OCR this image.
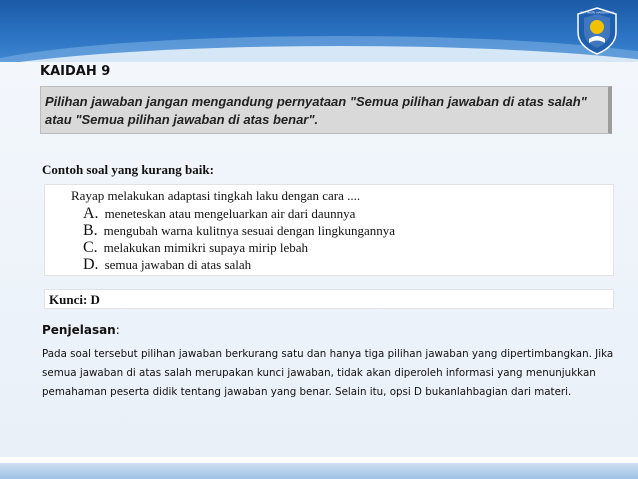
TUT WURI HANDAYANI
KAIDAH 9
Pilihan jawaban jangan mengandung pernyataan "Semua pilihan jawaban di atas salah" atau "Semua pilihan jawaban di atas benar".
Contoh soal yang kurang baik:
Rayap melakukan adaptasi tingkah laku dengan cara ....
A. meneteskan atau mengeluarkan air dari daunnya
B. mengubah warna kulitnya sesuai dengan lingkungannya
C. melakukan mimikri supaya mirip lebah
D. semua jawaban di atas salah
Kunci: D
Penjelasan:
Pada soal tersebut pilihan jawaban berkurang satu dan hanya tiga pilihan jawaban yang dipertimbangkan. Jika
semua jawaban di atas salah merupakan kunci jawaban, tidak akan diperoleh informasi yang menunjukkan
pemahaman peserta didik tentang jawaban yang benar. Selain itu, opsi D bukanlahbagian dari materi.
